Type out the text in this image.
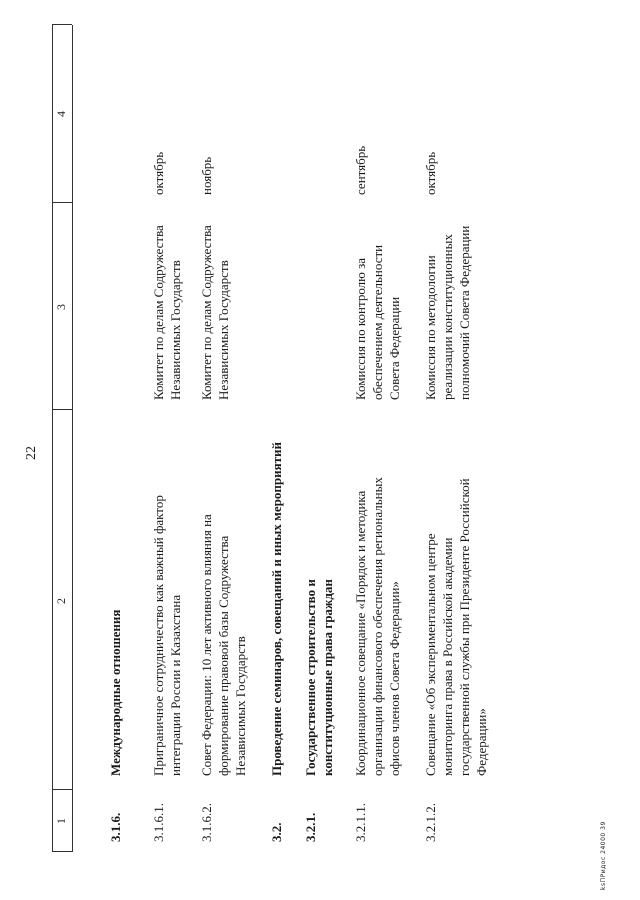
22
1
2
3
4
3.1.6.
Международные отношения
3.1.6.1.
Приграничное сотрудничество как важный фактор интеграции России и Казахстана
Комитет по делам Содружества Независимых Государств
октябрь
3.1.6.2.
Совет Федерации: 10 лет активного влияния на формирование правовой базы Содружества Независимых Государств
Комитет по делам Содружества Независимых Государств
ноябрь
3.2.
Проведение семинаров, совещаний и иных мероприятий
3.2.1.
Государственное строительство и конституционные права граждан
3.2.1.1.
Координационное совещание «Порядок и методика организации финансового обеспечения региональных офисов членов Совета Федерации»
Комиссия по контролю за обеспечением деятельности Совета Федерации
сентябрь
3.2.1.2.
Совещание «Об экспериментальном центре мониторинга права в Российской академии государственной службы при Президенте Российской Федерации»
Комиссия по методологии реализации конституционных полномочий Совета Федерации
октябрь
ksПРидос 24000 39
